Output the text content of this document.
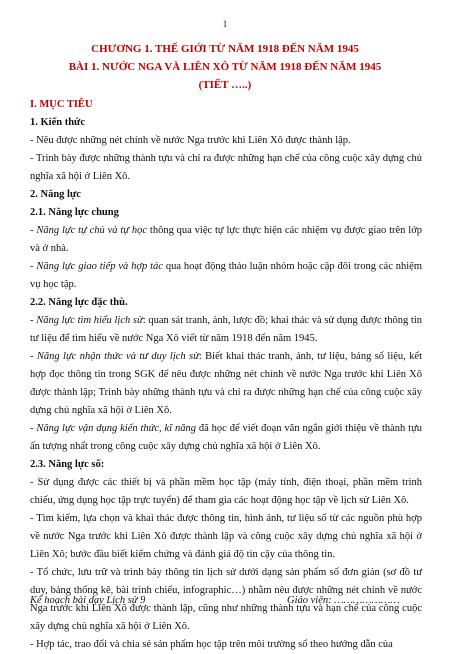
1
CHƯƠNG 1. THẾ GIỚI TỪ NĂM 1918 ĐẾN NĂM 1945
BÀI 1. NƯỚC NGA VÀ LIÊN XÔ TỪ NĂM 1918 ĐẾN NĂM 1945
(TIẾT …..)

I. MỤC TIÊU

1. Kiến thức

- Nêu được những nét chính về nước Nga trước khi Liên Xô được thành lập.

- Trình bày được những thành tựu và chỉ ra được những hạn chế của công cuộc xây dựng chủ nghĩa xã hội ở Liên Xô.

2. Năng lực

2.1. Năng lực chung

- Năng lực tự chủ và tự học thông qua việc tự lực thực hiện các nhiệm vụ được giao trên lớp và ở nhà.

- Năng lực giao tiếp và hợp tác qua hoạt động thảo luận nhóm hoặc cặp đôi trong các nhiệm vụ học tập.

2.2. Năng lực đặc thù.

- Năng lực tìm hiểu lịch sử: quan sát tranh, ảnh, lược đồ; khai thác và sử dụng được thông tin tư liệu để tìm hiểu về nước Nga Xô viết từ năm 1918 đến năm 1945.

- Năng lực nhận thức và tư duy lịch sử: Biết khai thác tranh, ảnh, tư liệu, bảng số liệu, kết hợp đọc thông tin trong SGK để nêu được những nét chính về nước Nga trước khi Liên Xô được thành lập; Trình bày những thành tựu và chỉ ra được những hạn chế của công cuộc xây dựng chủ nghĩa xã hội ở Liên Xô.

- Năng lực vận dụng kiến thức, kĩ năng đã học để viết đoạn văn ngắn giới thiệu về thành tựu ấn tượng nhất trong công cuộc xây dựng chủ nghĩa xã hội ở Liên Xô.

2.3. Năng lực số:

- Sử dụng được các thiết bị và phần mềm học tập (máy tính, điện thoại, phần mềm trình chiếu, ứng dụng học tập trực tuyến) để tham gia các hoạt động học tập về lịch sử Liên Xô.

- Tìm kiếm, lựa chọn và khai thác được thông tin, hình ảnh, tư liệu số từ các nguồn phù hợp về nước Nga trước khi Liên Xô được thành lập và công cuộc xây dựng chủ nghĩa xã hội ở Liên Xô; bước đầu biết kiểm chứng và đánh giá độ tin cậy của thông tin.

- Tổ chức, lưu trữ và trình bày thông tin lịch sử dưới dạng sản phẩm số đơn giản (sơ đồ tư duy, bảng thống kê, bài trình chiếu, infographic…) nhằm nêu được những nét chính về nước Nga trước khi Liên Xô được thành lập, cũng như những thành tựu và hạn chế của công cuộc xây dựng chủ nghĩa xã hội ở Liên Xô.

- Hợp tác, trao đổi và chia sẻ sản phẩm học tập trên môi trường số theo hướng dẫn của

Kế hoạch bài dạy Lịch sử 9	Giáo viên: …………………
